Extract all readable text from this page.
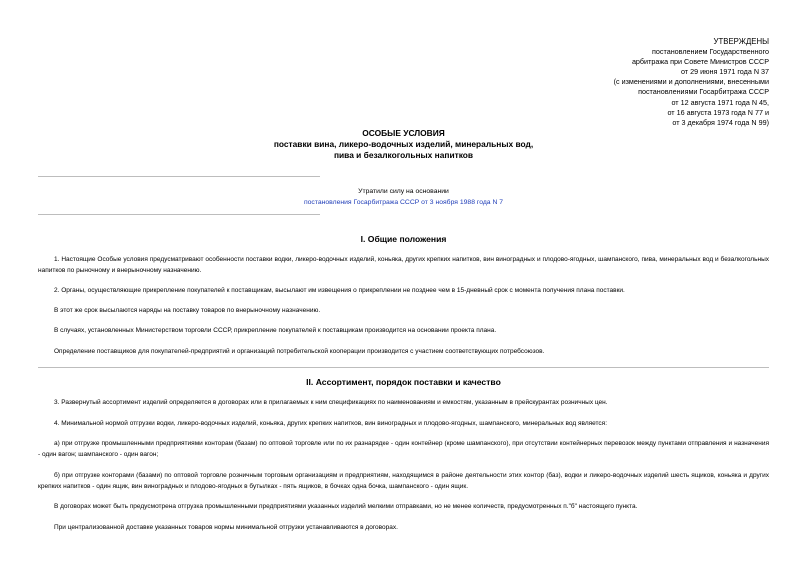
УТВЕРЖДЕНЫ
постановлением Государственного
арбитража при Совете Министров СССР
от 29 июня 1971 года N 37
(с изменениями и дополнениями, внесенными
постановлениями Госарбитража СССР
от 12 августа 1971 года N 45,
от 16 августа 1973 года N 77 и
от 3 декабря 1974 года N 99)
ОСОБЫЕ УСЛОВИЯ
поставки вина, ликеро-водочных изделий, минеральных вод,
пива и безалкогольных напитков
Утратили силу на основании
постановления Госарбитража СССР от 3 ноября 1988 года N 7
I. Общие положения
1. Настоящие Особые условия предусматривают особенности поставки водки, ликеро-водочных изделий, коньяка, других крепких напитков, вин виноградных и плодово-ягодных, шампанского, пива, минеральных вод и безалкогольных напитков по рыночному и внерыночному назначению.
2. Органы, осуществляющие прикрепление покупателей к поставщикам, высылают им извещения о прикреплении не позднее чем в 15-дневный срок с момента получения плана поставки.
В этот же срок высылаются наряды на поставку товаров по внерыночному назначению.
В случаях, установленных Министерством торговли СССР, прикрепление покупателей к поставщикам производится на основании проекта плана.
Определение поставщиков для покупателей-предприятий и организаций потребительской кооперации производится с участием соответствующих потребсоюзов.
II. Ассортимент, порядок поставки и качество
3. Развернутый ассортимент изделий определяется в договорах или в прилагаемых к ним спецификациях по наименованиям и емкостям, указанным в прейскурантах розничных цен.
4. Минимальной нормой отгрузки водки, ликеро-водочных изделий, коньяка, других крепких напитков, вин виноградных и плодово-ягодных, шампанского, минеральных вод является:
а) при отгрузке промышленными предприятиями конторам (базам) по оптовой торговле или по их разнарядке - один контейнер (кроме шампанского), при отсутствии контейнерных перевозок между пунктами отправления и назначения - один вагон; шампанского - один вагон;
б) при отгрузке конторами (базами) по оптовой торговле розничным торговым организациям и предприятиям, находящимся в районе деятельности этих контор (баз), водки и ликеро-водочных изделий шесть ящиков, коньяка и других крепких напитков - один ящик, вин виноградных и плодово-ягодных в бутылках - пять ящиков, в бочках одна бочка, шампанского - один ящик.
В договорах может быть предусмотрена отгрузка промышленными предприятиями указанных изделий мелкими отправками, но не менее количеств, предусмотренных п."б" настоящего пункта.
При централизованной доставке указанных товаров нормы минимальной отгрузки устанавливаются в договорах.
